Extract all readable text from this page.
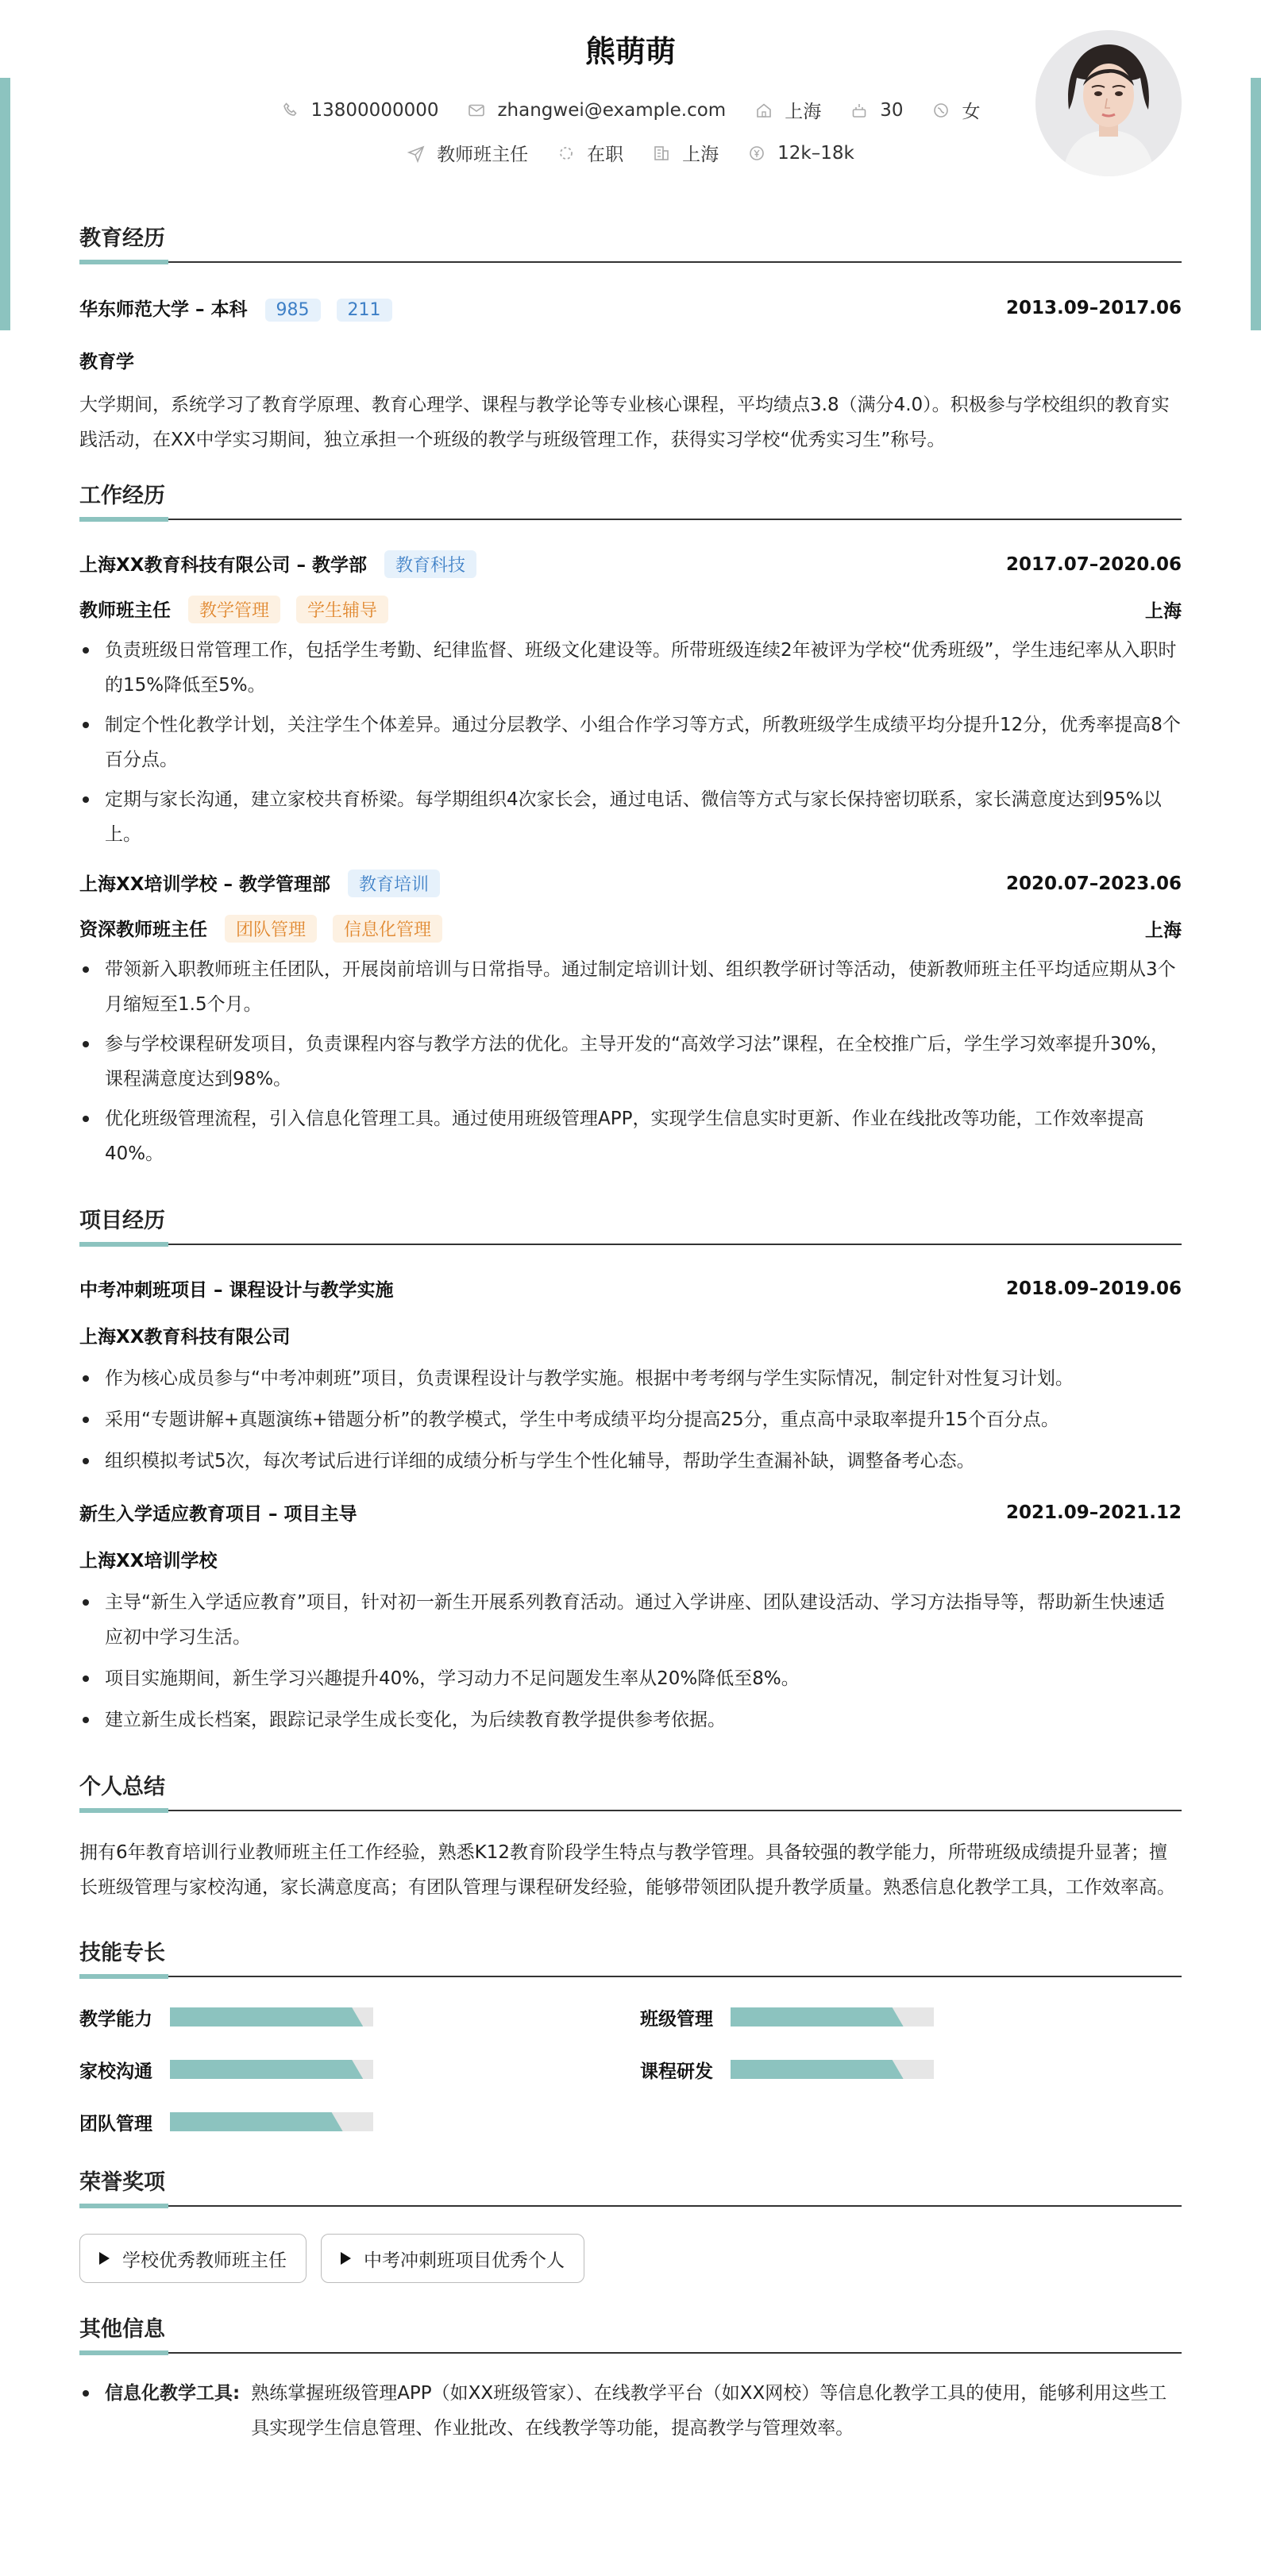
熊萌萌
13800000000	zhangwei@example.com	上海	30	女
教师班主任	在职	上海	12k–18k
教育经历
华东师范大学 – 本科 985 211	2013.09–2017.06
教育学
大学期间，系统学习了教育学原理、教育心理学、课程与教学论等专业核心课程，平均绩点3.8（满分4.0）。积极参与学校组织的教育实践活动，在XX中学实习期间，独立承担一个班级的教学与班级管理工作，获得实习学校“优秀实习生”称号。
工作经历
上海XX教育科技有限公司 – 教学部 教育科技	2017.07–2020.06
教师班主任 教学管理 学生辅导	上海
负责班级日常管理工作，包括学生考勤、纪律监督、班级文化建设等。所带班级连续2年被评为学校“优秀班级”，学生违纪率从入职时的15%降低至5%。
制定个性化教学计划，关注学生个体差异。通过分层教学、小组合作学习等方式，所教班级学生成绩平均分提升12分，优秀率提高8个百分点。
定期与家长沟通，建立家校共育桥梁。每学期组织4次家长会，通过电话、微信等方式与家长保持密切联系，家长满意度达到95%以上。
上海XX培训学校 – 教学管理部 教育培训	2020.07–2023.06
资深教师班主任 团队管理 信息化管理	上海
带领新入职教师班主任团队，开展岗前培训与日常指导。通过制定培训计划、组织教学研讨等活动，使新教师班主任平均适应期从3个月缩短至1.5个月。
参与学校课程研发项目，负责课程内容与教学方法的优化。主导开发的“高效学习法”课程，在全校推广后，学生学习效率提升30%，课程满意度达到98%。
优化班级管理流程，引入信息化管理工具。通过使用班级管理APP，实现学生信息实时更新、作业在线批改等功能，工作效率提高40%。
项目经历
中考冲刺班项目 – 课程设计与教学实施	2018.09–2019.06
上海XX教育科技有限公司
作为核心成员参与“中考冲刺班”项目，负责课程设计与教学实施。根据中考考纲与学生实际情况，制定针对性复习计划。
采用“专题讲解+真题演练+错题分析”的教学模式，学生中考成绩平均分提高25分，重点高中录取率提升15个百分点。
组织模拟考试5次，每次考试后进行详细的成绩分析与学生个性化辅导，帮助学生查漏补缺，调整备考心态。
新生入学适应教育项目 – 项目主导	2021.09–2021.12
上海XX培训学校
主导“新生入学适应教育”项目，针对初一新生开展系列教育活动。通过入学讲座、团队建设活动、学习方法指导等，帮助新生快速适应初中学习生活。
项目实施期间，新生学习兴趣提升40%，学习动力不足问题发生率从20%降低至8%。
建立新生成长档案，跟踪记录学生成长变化，为后续教育教学提供参考依据。
个人总结
拥有6年教育培训行业教师班主任工作经验，熟悉K12教育阶段学生特点与教学管理。具备较强的教学能力，所带班级成绩提升显著；擅长班级管理与家校沟通，家长满意度高；有团队管理与课程研发经验，能够带领团队提升教学质量。熟悉信息化教学工具，工作效率高。
技能专长
教学能力	班级管理
家校沟通	课程研发
团队管理
荣誉奖项
学校优秀教师班主任	中考冲刺班项目优秀个人
其他信息
信息化教学工具: 熟练掌握班级管理APP（如XX班级管家）、在线教学平台（如XX网校）等信息化教学工具的使用，能够利用这些工具实现学生信息管理、作业批改、在线教学等功能，提高教学与管理效率。
